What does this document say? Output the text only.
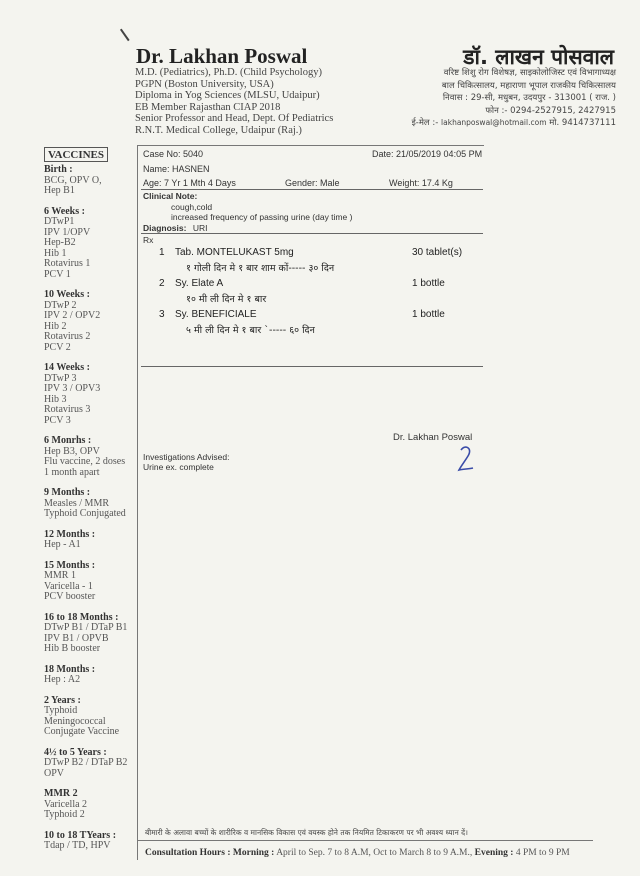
Dr. Lakhan Poswal
M.D. (Pediatrics), Ph.D. (Child Psychology)
PGPN (Boston University, USA)
Diploma in Yog Sciences (MLSU, Udaipur)
EB Member Rajasthan CIAP 2018
Senior Professor and Head, Dept. Of Pediatrics
R.N.T. Medical College, Udaipur (Raj.)
डॉ. लाखन पोसवाल
वरिष्ट शिशु रोग विशेषज्ञ, साइकोलोजिस्ट एवं विभागाध्यक्ष
बाल चिकित्सालय, महाराणा भूपाल राजकीय चिकित्सालय
निवास : 29-सी, मधुबन, उदयपुर - 313001 ( राज. )
फोन :- 0294-2527915, 2427915
ई-मेल :- lakhanposwal@hotmail.com मो. 9414737111
VACCINES
Birth :
BCG, OPV O,
Hep B1
6 Weeks :
DTwP1
IPV 1/OPV
Hep-B2
Hib 1
Rotavirus 1
PCV 1
10 Weeks :
DTwP 2
IPV 2 / OPV2
Hib 2
Rotavirus 2
PCV 2
14 Weeks :
DTwP 3
IPV 3 / OPV3
Hib 3
Rotavirus 3
PCV 3
6 Monrhs :
Hep B3, OPV
Flu vaccine, 2 doses
1 month apart
9 Months :
Measles / MMR
Typhoid Conjugated
12 Months :
Hep - A1
15 Months :
MMR 1
Varicella - 1
PCV booster
16 to 18 Months :
DTwP B1 / DTaP B1
IPV B1 / OPVB
Hib B booster
18 Months :
Hep : A2
2 Years :
Typhoid
Meningococcal
Conjugate Vaccine
4½ to 5 Years :
DTwP B2 / DTaP B2
OPV
MMR 2
Varicella 2
Typhoid 2
10 to 18 TYears :
Tdap / TD, HPV
Case No: 5040	Date: 21/05/2019 04:05 PM
Name: HASNEN
Age: 7 Yr 1 Mth 4 Days	Gender: Male	Weight: 17.4 Kg
Clinical Note:
cough,cold
increased frequency of passing urine (day time )
Diagnosis: URI
Rx
1 Tab. MONTELUKAST 5mg	30 tablet(s)
१ गोली दिन मे १ बार शाम कों----- ३० दिन
2 Sy. Elate A	1 bottle
१० मी ली दिन मे १ बार
3 Sy. BENEFICIALE	1 bottle
५ मी ली दिन मे १ बार `----- ६० दिन
Dr. Lakhan Poswal
Investigations Advised:
Urine ex. complete
बीमारी के अलावा बच्चों के शारीरिक व मानसिक विकास एवं वयस्क होने तक नियमित टिकाकरण पर भी अवश्य ध्यान दें।
Consultation Hours : Morning : April to Sep. 7 to 8 A.M, Oct to March 8 to 9 A.M., Evening : 4 PM to 9 PM
